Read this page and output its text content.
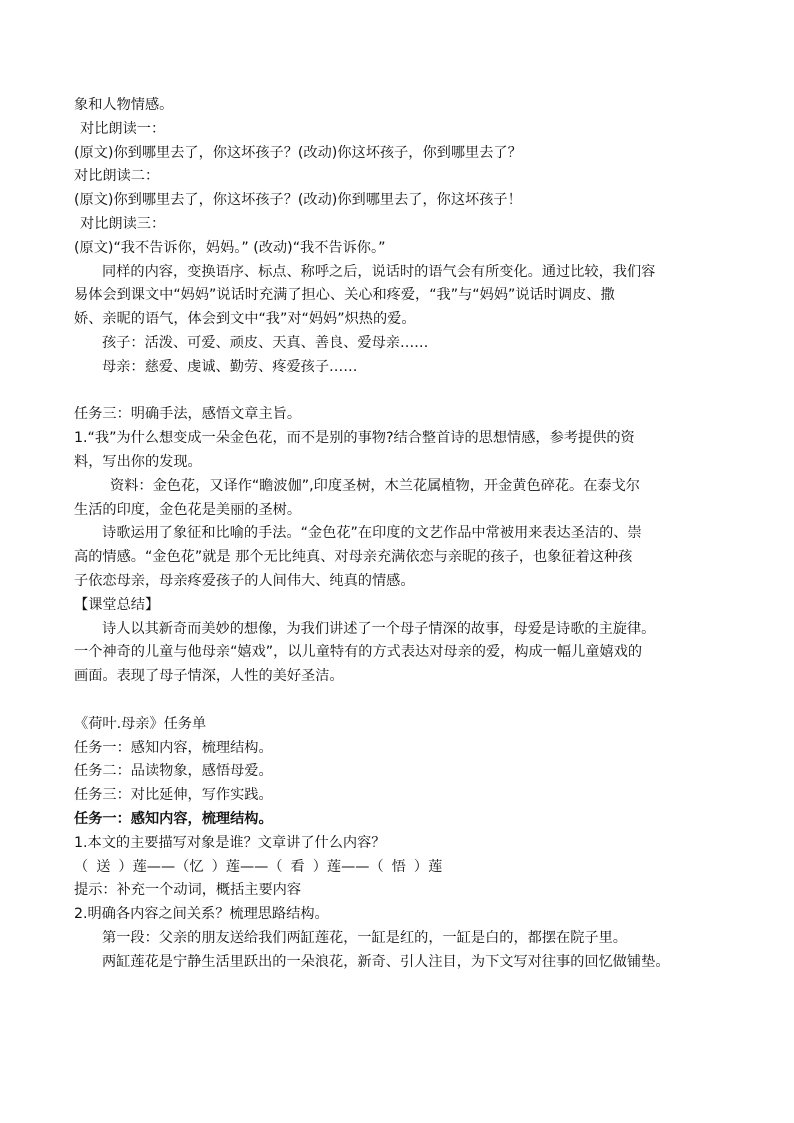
象和人物情感。
对比朗读一：
(原文)你到哪里去了，你这坏孩子？(改动)你这坏孩子，你到哪里去了？
对比朗读二：
(原文)你到哪里去了，你这坏孩子？(改动)你到哪里去了，你这坏孩子！
对比朗读三：
(原文)“我不告诉你，妈妈。” (改动)“我不告诉你。”
同样的内容，变换语序、标点、称呼之后，说话时的语气会有所变化。通过比较，我们容
易体会到课文中“妈妈”说话时充满了担心、关心和疼爱，“我”与“妈妈”说话时调皮、撒
娇、亲昵的语气，体会到文中“我”对“妈妈”炽热的爱。
孩子：活泼、可爱、顽皮、天真、善良、爱母亲……
母亲：慈爱、虔诚、勤劳、疼爱孩子……
任务三：明确手法，感悟文章主旨。
1.“我”为什么想变成一朵金色花，而不是别的事物?结合整首诗的思想情感，参考提供的资
料，写出你的发现。
资料：金色花，又译作“瞻波伽”,印度圣树，木兰花属植物，开金黄色碎花。在泰戈尔
生活的印度，金色花是美丽的圣树。
诗歌运用了象征和比喻的手法。“金色花”在印度的文艺作品中常被用来表达圣洁的、崇
高的情感。“金色花”就是 那个无比纯真、对母亲充满依恋与亲昵的孩子，也象征着这种孩
子依恋母亲，母亲疼爱孩子的人间伟大、纯真的情感。
【课堂总结】
诗人以其新奇而美妙的想像，为我们讲述了一个母子情深的故事，母爱是诗歌的主旋律。
一个神奇的儿童与他母亲“嬉戏”，以儿童特有的方式表达对母亲的爱，构成一幅儿童嬉戏的
画面。表现了母子情深，人性的美好圣洁。
《荷叶.母亲》任务单
任务一：感知内容，梳理结构。
任务二：品读物象，感悟母爱。
任务三：对比延伸，写作实践。
任务一：感知内容，梳理结构。
1.本文的主要描写对象是谁？文章讲了什么内容？
（ 送 ）莲——（忆 ）莲——（ 看 ）莲——（ 悟 ）莲
提示：补充一个动词，概括主要内容
2.明确各内容之间关系？梳理思路结构。
第一段：父亲的朋友送给我们两缸莲花，一缸是红的，一缸是白的，都摆在院子里。
两缸莲花是宁静生活里跃出的一朵浪花，新奇、引人注目，为下文写对往事的回忆做铺垫。
